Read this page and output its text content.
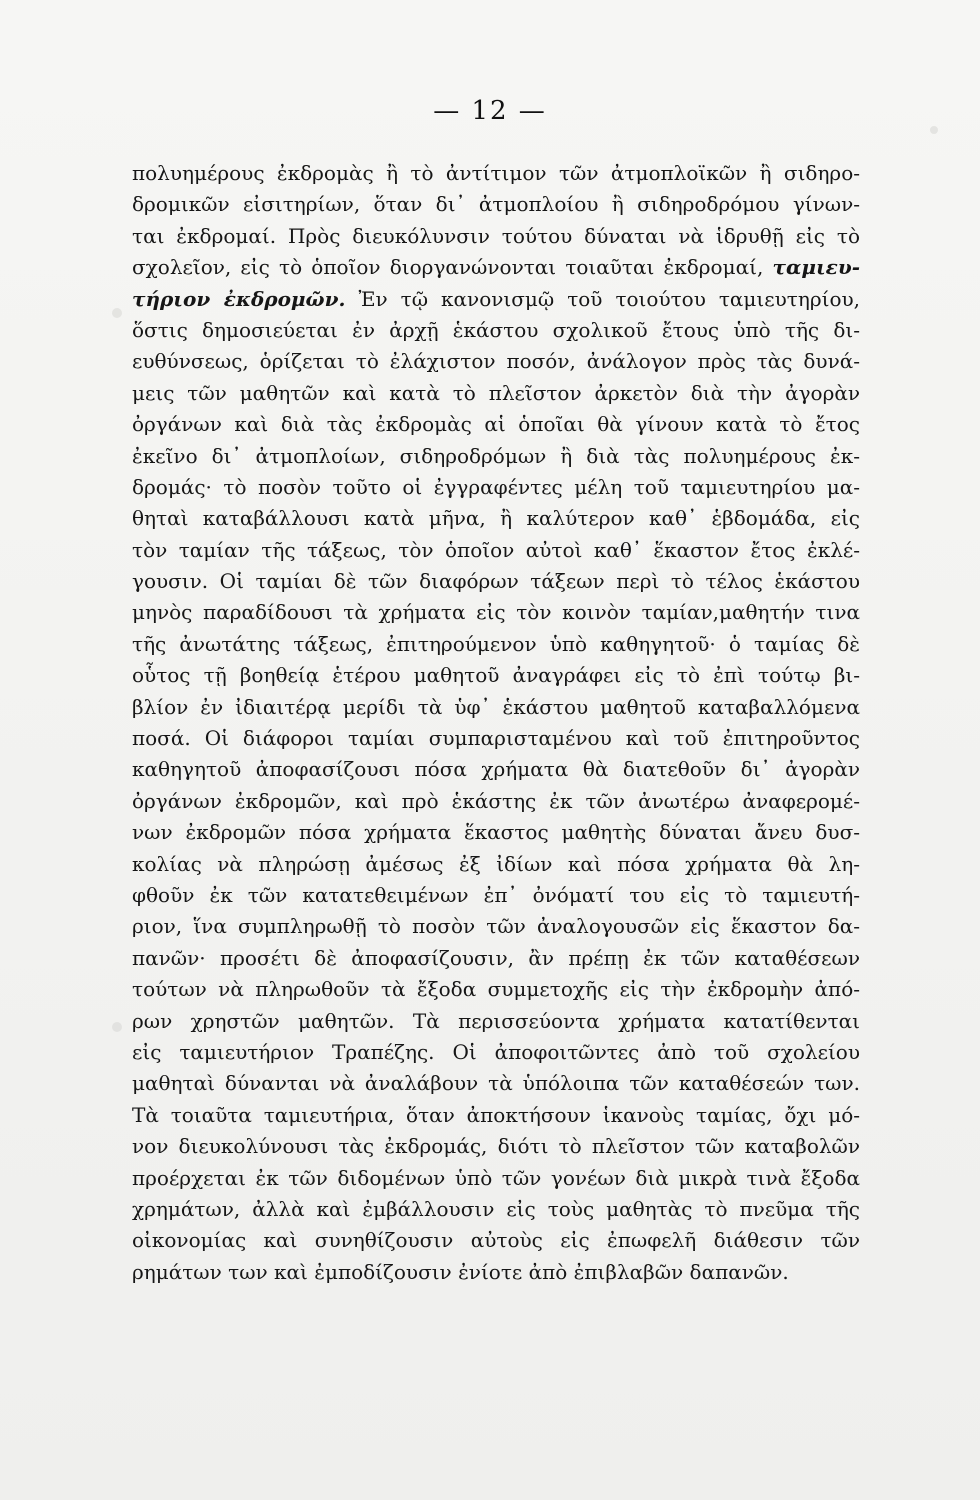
— 12 —
πολυημέρους ἐκδρομὰς ἢ τὸ ἀντίτιμον τῶν ἀτμοπλοϊκῶν ἢ σιδηρο-
δρομικῶν εἰσιτηρίων, ὅταν δι᾽ ἀτμοπλοίου ἢ σιδηροδρόμου γίνων-
ται ἐκδρομαί. Πρὸς διευκόλυνσιν τούτου δύναται νὰ ἱδρυθῇ εἰς τὸ
σχολεῖον, εἰς τὸ ὁποῖον διοργανώνονται τοιαῦται ἐκδρομαί, ταμιευ-
τήριον ἐκδρομῶν. Ἐν τῷ κανονισμῷ τοῦ τοιούτου ταμιευτηρίου,
ὅστις δημοσιεύεται ἐν ἀρχῇ ἑκάστου σχολικοῦ ἔτους ὑπὸ τῆς δι-
ευθύνσεως, ὁρίζεται τὸ ἐλάχιστον ποσόν, ἀνάλογον πρὸς τὰς δυνά-
μεις τῶν μαθητῶν καὶ κατὰ τὸ πλεῖστον ἀρκετὸν διὰ τὴν ἀγορὰν
ὀργάνων καὶ διὰ τὰς ἐκδρομὰς αἱ ὁποῖαι θὰ γίνουν κατὰ τὸ ἔτος
ἐκεῖνο δι᾽ ἀτμοπλοίων, σιδηροδρόμων ἢ διὰ τὰς πολυημέρους ἐκ-
δρομάς· τὸ ποσὸν τοῦτο οἱ ἐγγραφέντες μέλη τοῦ ταμιευτηρίου μα-
θηταὶ καταβάλλουσι κατὰ μῆνα, ἢ καλύτερον καθ᾽ ἑβδομάδα, εἰς
τὸν ταμίαν τῆς τάξεως, τὸν ὁποῖον αὐτοὶ καθ᾽ ἕκαστον ἔτος ἐκλέ-
γουσιν. Οἱ ταμίαι δὲ τῶν διαφόρων τάξεων περὶ τὸ τέλος ἑκάστου
μηνὸς παραδίδουσι τὰ χρήματα εἰς τὸν κοινὸν ταμίαν,μαθητήν τινα
τῆς ἀνωτάτης τάξεως, ἐπιτηρούμενον ὑπὸ καθηγητοῦ· ὁ ταμίας δὲ
οὗτος τῇ βοηθείᾳ ἑτέρου μαθητοῦ ἀναγράφει εἰς τὸ ἐπὶ τούτῳ βι-
βλίον ἐν ἰδιαιτέρᾳ μερίδι τὰ ὑφ᾽ ἑκάστου μαθητοῦ καταβαλλόμενα
ποσά. Οἱ διάφοροι ταμίαι συμπαρισταμένου καὶ τοῦ ἐπιτηροῦντος
καθηγητοῦ ἀποφασίζουσι πόσα χρήματα θὰ διατεθοῦν δι᾽ ἀγορὰν
ὀργάνων ἐκδρομῶν, καὶ πρὸ ἑκάστης ἐκ τῶν ἀνωτέρω ἀναφερομέ-
νων ἐκδρομῶν πόσα χρήματα ἕκαστος μαθητὴς δύναται ἄνευ δυσ-
κολίας νὰ πληρώσῃ ἀμέσως ἐξ ἰδίων καὶ πόσα χρήματα θὰ λη-
φθοῦν ἐκ τῶν κατατεθειμένων ἐπ᾽ ὀνόματί του εἰς τὸ ταμιευτή-
ριον, ἵνα συμπληρωθῇ τὸ ποσὸν τῶν ἀναλογουσῶν εἰς ἕκαστον δα-
πανῶν· προσέτι δὲ ἀποφασίζουσιν, ἂν πρέπῃ ἐκ τῶν καταθέσεων
τούτων νὰ πληρωθοῦν τὰ ἔξοδα συμμετοχῆς εἰς τὴν ἐκδρομὴν ἀπό-
ρων χρηστῶν μαθητῶν. Τὰ περισσεύοντα χρήματα κατατίθενται
εἰς ταμιευτήριον Τραπέζης. Οἱ ἀποφοιτῶντες ἀπὸ τοῦ σχολείου
μαθηταὶ δύνανται νὰ ἀναλάβουν τὰ ὑπόλοιπα τῶν καταθέσεών των.
Τὰ τοιαῦτα ταμιευτήρια, ὅταν ἀποκτήσουν ἱκανοὺς ταμίας, ὄχι μό-
νον διευκολύνουσι τὰς ἐκδρομάς, διότι τὸ πλεῖστον τῶν καταβολῶν
προέρχεται ἐκ τῶν διδομένων ὑπὸ τῶν γονέων διὰ μικρὰ τινὰ ἔξοδα
χρημάτων, ἀλλὰ καὶ ἐμβάλλουσιν εἰς τοὺς μαθητὰς τὸ πνεῦμα τῆς
οἰκονομίας καὶ συνηθίζουσιν αὐτοὺς εἰς ἐπωφελῆ διάθεσιν τῶν
ρημάτων των καὶ ἐμποδίζουσιν ἐνίοτε ἀπὸ ἐπιβλαβῶν δαπανῶν.
